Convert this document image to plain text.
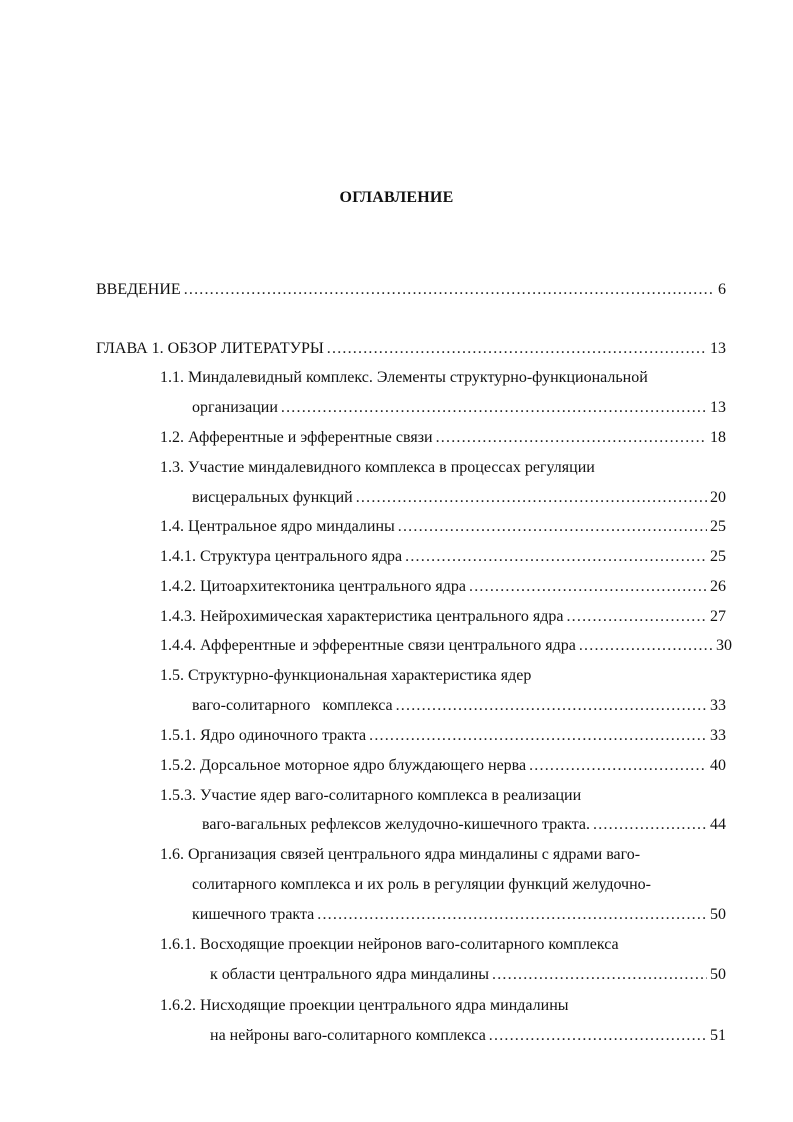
ОГЛАВЛЕНИЕ
ВВЕДЕНИЕ .....	6
ГЛАВА 1. ОБЗОР ЛИТЕРАТУРЫ .....	13
1.1. Миндалевидный комплекс. Элементы структурно-функциональной
организации .....	13
1.2. Афферентные и эфферентные связи .....	18
1.3. Участие миндалевидного комплекса в процессах регуляции
висцеральных функций .....	20
1.4. Центральное ядро миндалины .....	25
1.4.1. Структура центрального ядра .....	25
1.4.2. Цитоархитектоника центрального ядра .....	26
1.4.3. Нейрохимическая характеристика центрального ядра .....	27
1.4.4. Афферентные и эфферентные связи центрального ядра .....	30
1.5. Структурно-функциональная характеристика ядер
ваго-солитарного   комплекса .....	33
1.5.1. Ядро одиночного тракта .....	33
1.5.2. Дорсальное моторное ядро блуждающего нерва .....	40
1.5.3. Участие ядер ваго-солитарного комплекса в реализации
ваго-вагальных рефлексов желудочно-кишечного тракта. .....	44
1.6. Организация связей центрального ядра миндалины с ядрами ваго-
солитарного комплекса и их роль в регуляции функций желудочно-
кишечного тракта .....	50
1.6.1. Восходящие проекции нейронов ваго-солитарного комплекса
к области центрального ядра миндалины .....	50
1.6.2. Нисходящие проекции центрального ядра миндалины
на нейроны ваго-солитарного комплекса .....	51
